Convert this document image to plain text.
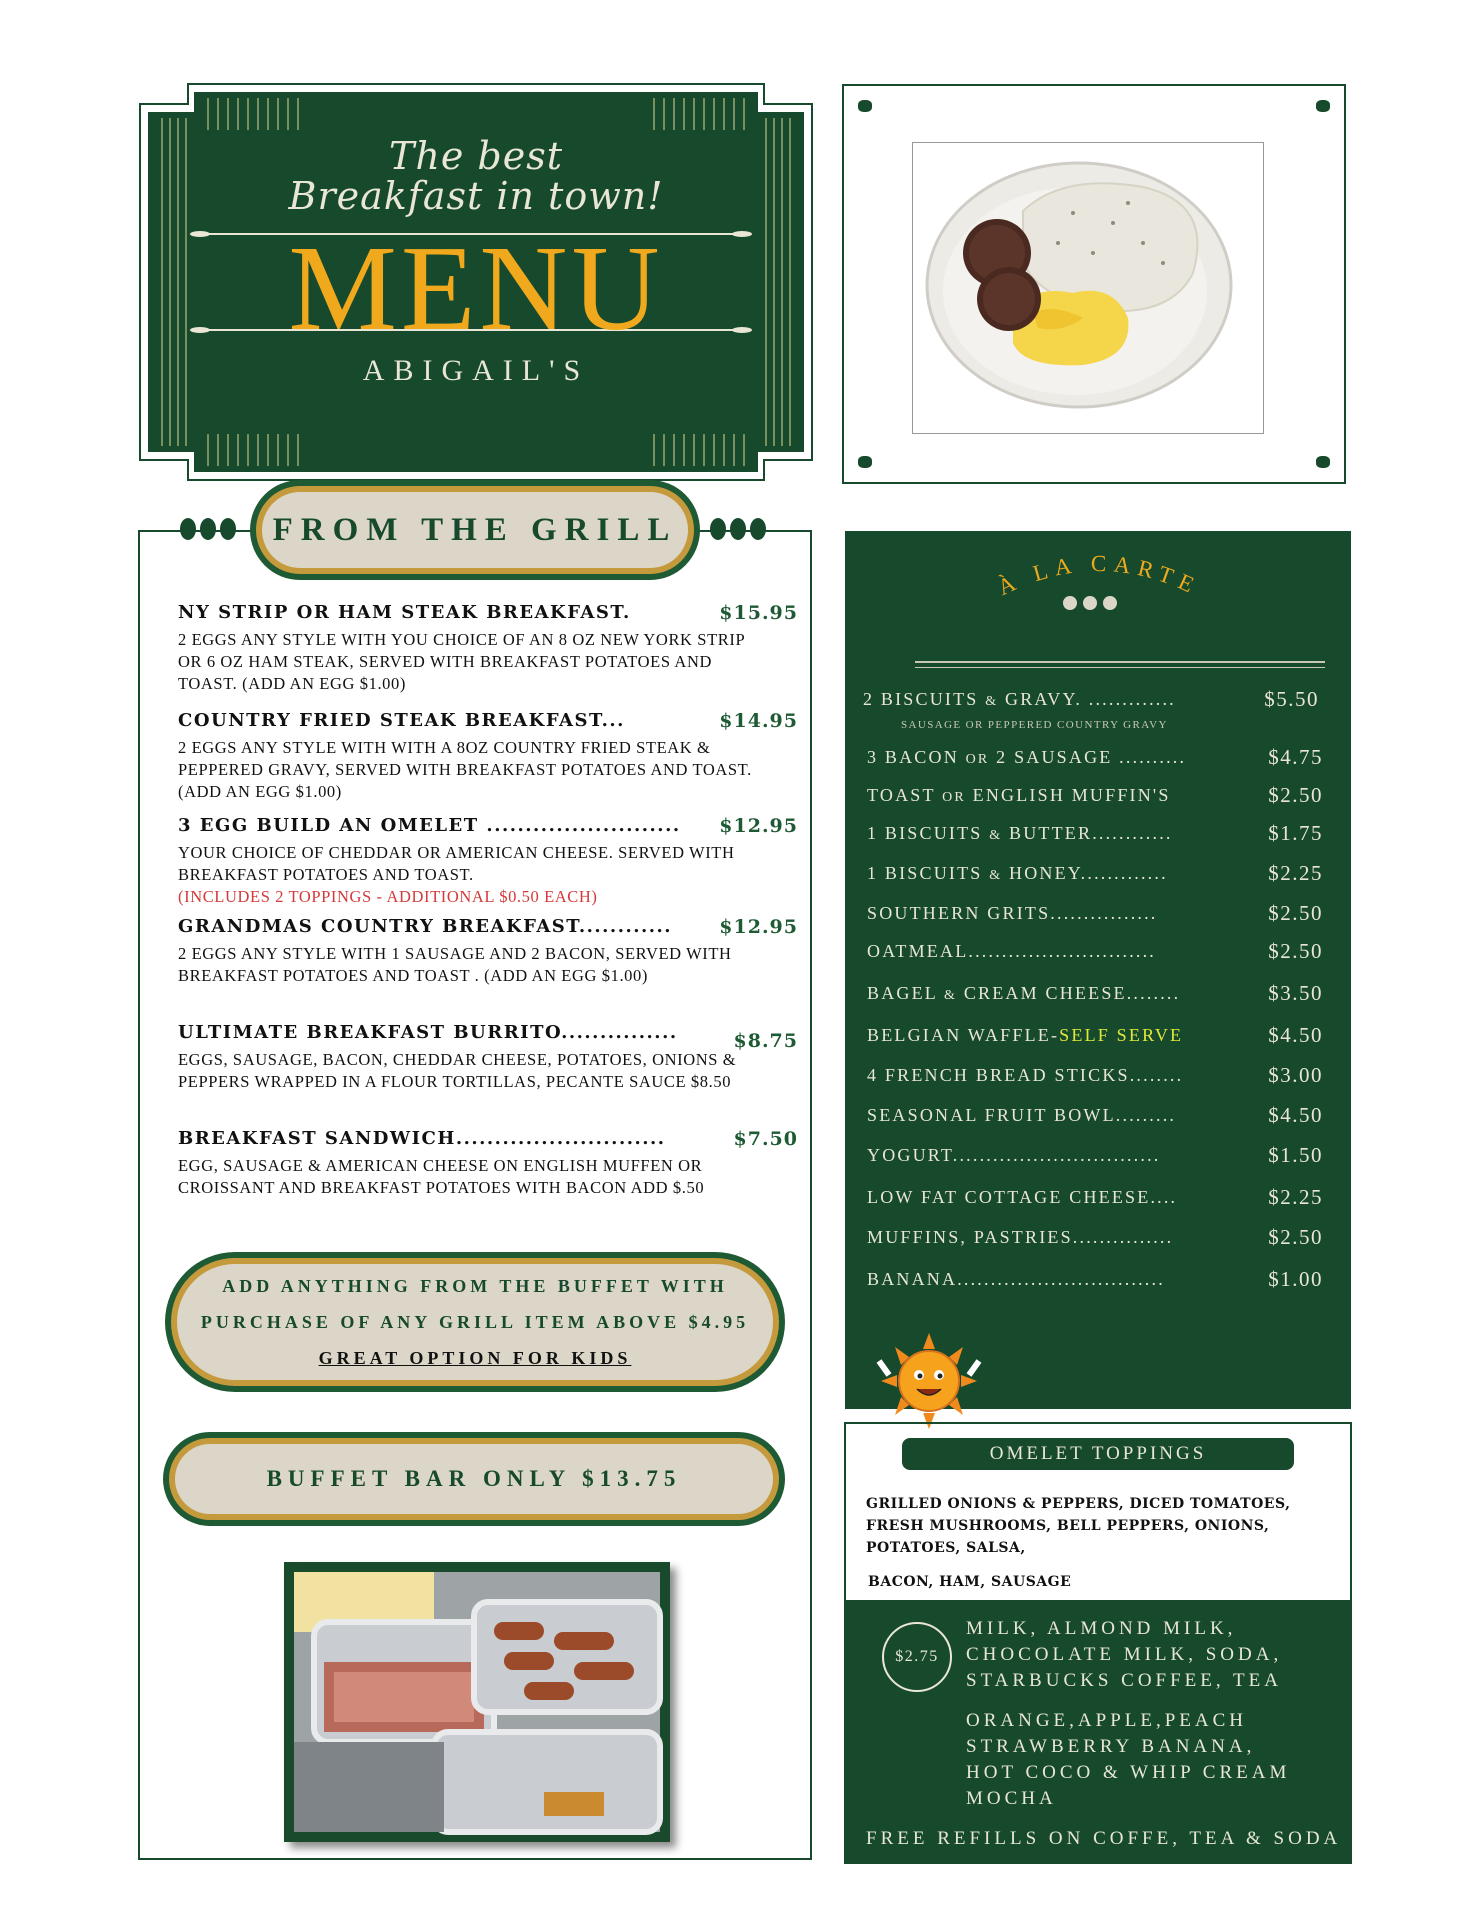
The best
Breakfast in town!
MENU
ABIGAIL'S
FROM THE GRILL
NY STRIP OR HAM STEAK BREAKFAST.	$15.95
2 EGGS ANY STYLE WITH YOU CHOICE OF AN 8 OZ NEW YORK STRIP OR 6 OZ HAM STEAK, SERVED WITH BREAKFAST POTATOES AND TOAST. (ADD AN EGG $1.00)
COUNTRY FRIED STEAK BREAKFAST...	$14.95
2 EGGS ANY STYLE WITH WITH A 8OZ COUNTRY FRIED STEAK & PEPPERED GRAVY, SERVED WITH BREAKFAST POTATOES AND TOAST. (ADD AN EGG $1.00)
3 EGG BUILD AN OMELET .........................	$12.95
YOUR CHOICE OF CHEDDAR OR AMERICAN CHEESE. SERVED WITH BREAKFAST POTATOES AND TOAST.
(INCLUDES 2 TOPPINGS - ADDITIONAL $0.50 EACH)
GRANDMAS COUNTRY BREAKFAST............	$12.95
2 EGGS ANY STYLE WITH 1 SAUSAGE AND 2 BACON, SERVED WITH BREAKFAST POTATOES AND TOAST . (ADD AN EGG $1.00)
ULTIMATE BREAKFAST BURRITO...............	$8.75
EGGS, SAUSAGE, BACON, CHEDDAR CHEESE, POTATOES, ONIONS & PEPPERS WRAPPED IN A FLOUR TORTILLAS, PECANTE SAUCE $8.50
BREAKFAST SANDWICH...........................	$7.50
EGG, SAUSAGE & AMERICAN CHEESE ON ENGLISH MUFFEN OR CROISSANT AND BREAKFAST POTATOES WITH BACON ADD $.50
ADD ANYTHING FROM THE BUFFET WITH
PURCHASE OF ANY GRILL ITEM ABOVE $4.95
GREAT OPTION FOR KIDS
BUFFET BAR ONLY $13.75
À LA CARTE
2 BISCUITS & GRAVY. .............	$5.50
SAUSAGE OR PEPPERED COUNTRY GRAVY
3 BACON OR 2 SAUSAGE ..........	$4.75
TOAST OR ENGLISH MUFFIN'S	$2.50
1 BISCUITS & BUTTER............	$1.75
1 BISCUITS & HONEY.............	$2.25
SOUTHERN GRITS................	$2.50
OATMEAL............................	$2.50
BAGEL & CREAM CHEESE........	$3.50
BELGIAN WAFFLE-SELF SERVE	$4.50
4 FRENCH BREAD STICKS........	$3.00
SEASONAL FRUIT BOWL.........	$4.50
YOGURT...............................	$1.50
LOW FAT COTTAGE CHEESE....	$2.25
MUFFINS, PASTRIES...............	$2.50
BANANA...............................	$1.00
OMELET TOPPINGS
GRILLED ONIONS & PEPPERS, DICED TOMATOES,
FRESH MUSHROOMS, BELL PEPPERS, ONIONS,
POTATOES, SALSA,
BACON, HAM, SAUSAGE
$2.75
MILK, ALMOND MILK,
CHOCOLATE MILK, SODA,
STARBUCKS COFFEE, TEA
ORANGE,APPLE,PEACH
STRAWBERRY BANANA,
HOT COCO & WHIP CREAM
MOCHA
FREE REFILLS ON COFFE, TEA & SODA
